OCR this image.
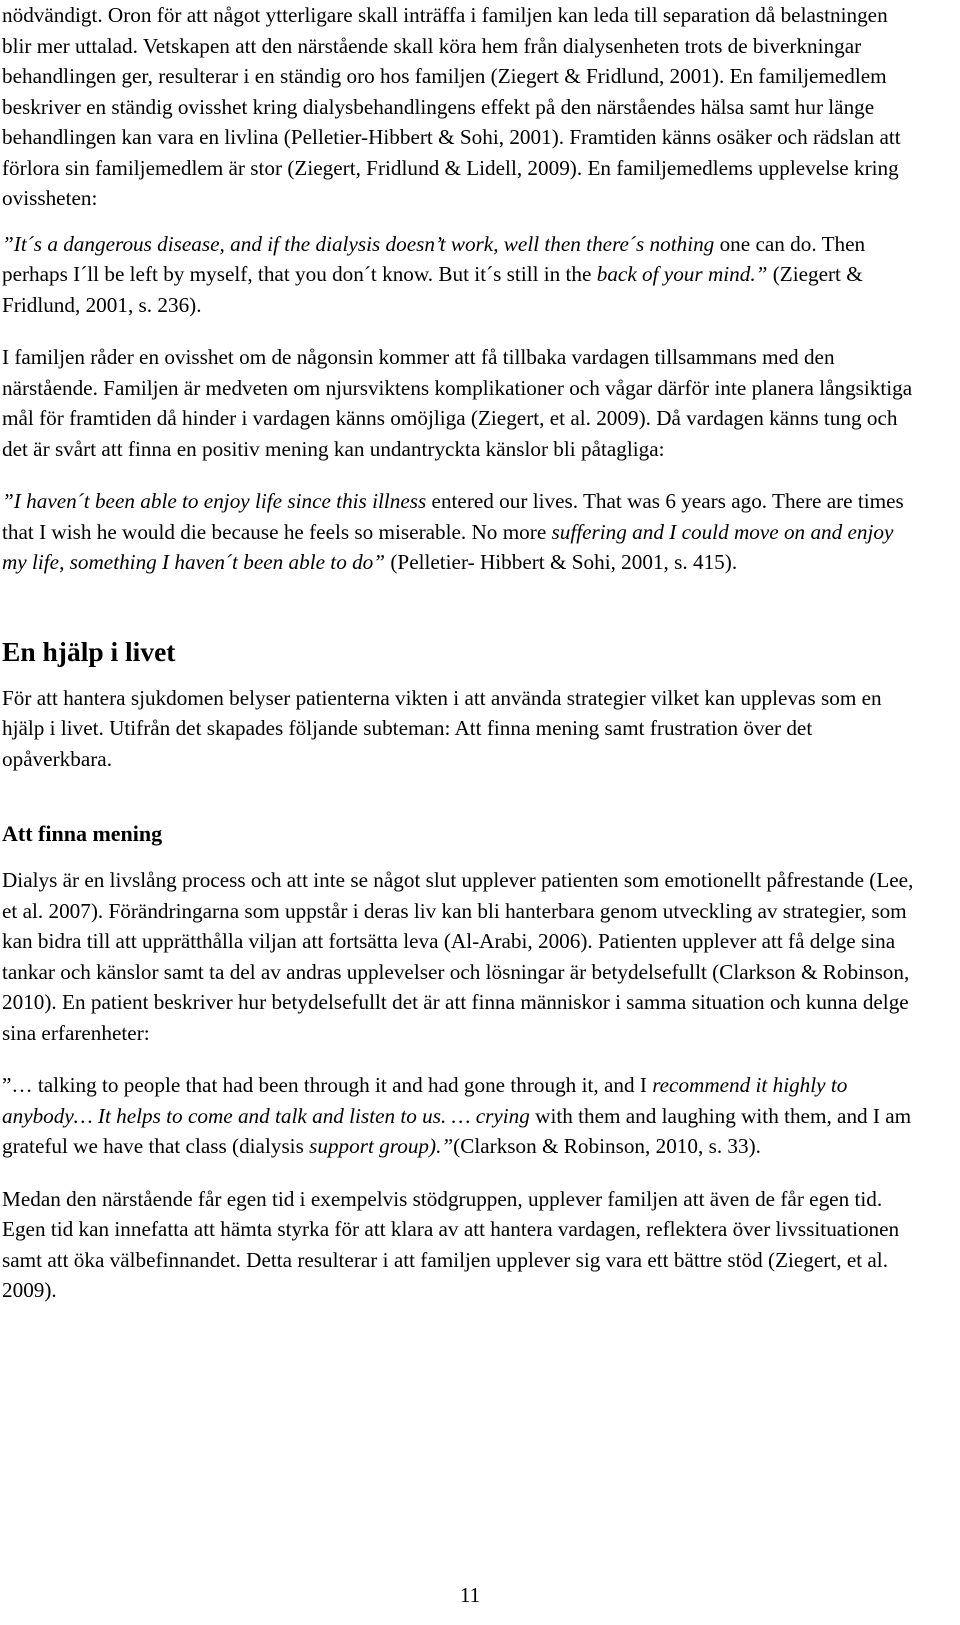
nödvändigt. Oron för att något ytterligare skall inträffa i familjen kan leda till separation då belastningen blir mer uttalad. Vetskapen att den närstående skall köra hem från dialysenheten trots de biverkningar behandlingen ger, resulterar i en ständig oro hos familjen (Ziegert & Fridlund, 2001). En familjemedlem beskriver en ständig ovisshet kring dialysbehandlingens effekt på den närståendes hälsa samt hur länge behandlingen kan vara en livlina (Pelletier-Hibbert & Sohi, 2001). Framtiden känns osäker och rädslan att förlora sin familjemedlem är stor (Ziegert, Fridlund & Lidell, 2009). En familjemedlems upplevelse kring ovissheten:

”It´s a dangerous disease, and if the dialysis doesn’t work, well then there´s nothing one can do. Then perhaps I´ll be left by myself, that you don´t know. But it´s still in the back of your mind.” (Ziegert & Fridlund, 2001, s. 236).

I familjen råder en ovisshet om de någonsin kommer att få tillbaka vardagen tillsammans med den närstående. Familjen är medveten om njursviktens komplikationer och vågar därför inte planera långsiktiga mål för framtiden då hinder i vardagen känns omöjliga (Ziegert, et al. 2009). Då vardagen känns tung och det är svårt att finna en positiv mening kan undantryckta känslor bli påtagliga:

”I haven´t been able to enjoy life since this illness entered our lives. That was 6 years ago. There are times that I wish he would die because he feels so miserable. No more suffering and I could move on and enjoy my life, something I haven´t been able to do” (Pelletier- Hibbert & Sohi, 2001, s. 415).

En hjälp i livet

För att hantera sjukdomen belyser patienterna vikten i att använda strategier vilket kan upplevas som en hjälp i livet. Utifrån det skapades följande subteman: Att finna mening samt frustration över det opåverkbara.

Att finna mening

Dialys är en livslång process och att inte se något slut upplever patienten som emotionellt påfrestande (Lee, et al. 2007). Förändringarna som uppstår i deras liv kan bli hanterbara genom utveckling av strategier, som kan bidra till att upprätthålla viljan att fortsätta leva (Al-Arabi, 2006). Patienten upplever att få delge sina tankar och känslor samt ta del av andras upplevelser och lösningar är betydelsefullt (Clarkson & Robinson, 2010). En patient beskriver hur betydelsefullt det är att finna människor i samma situation och kunna delge sina erfarenheter:

”… talking to people that had been through it and had gone through it, and I recommend it highly to anybody… It helps to come and talk and listen to us. … crying with them and laughing with them, and I am grateful we have that class (dialysis support group).”(Clarkson & Robinson, 2010, s. 33).

Medan den närstående får egen tid i exempelvis stödgruppen, upplever familjen att även de får egen tid. Egen tid kan innefatta att hämta styrka för att klara av att hantera vardagen, reflektera över livssituationen samt att öka välbefinnandet. Detta resulterar i att familjen upplever sig vara ett bättre stöd (Ziegert, et al. 2009).

11
